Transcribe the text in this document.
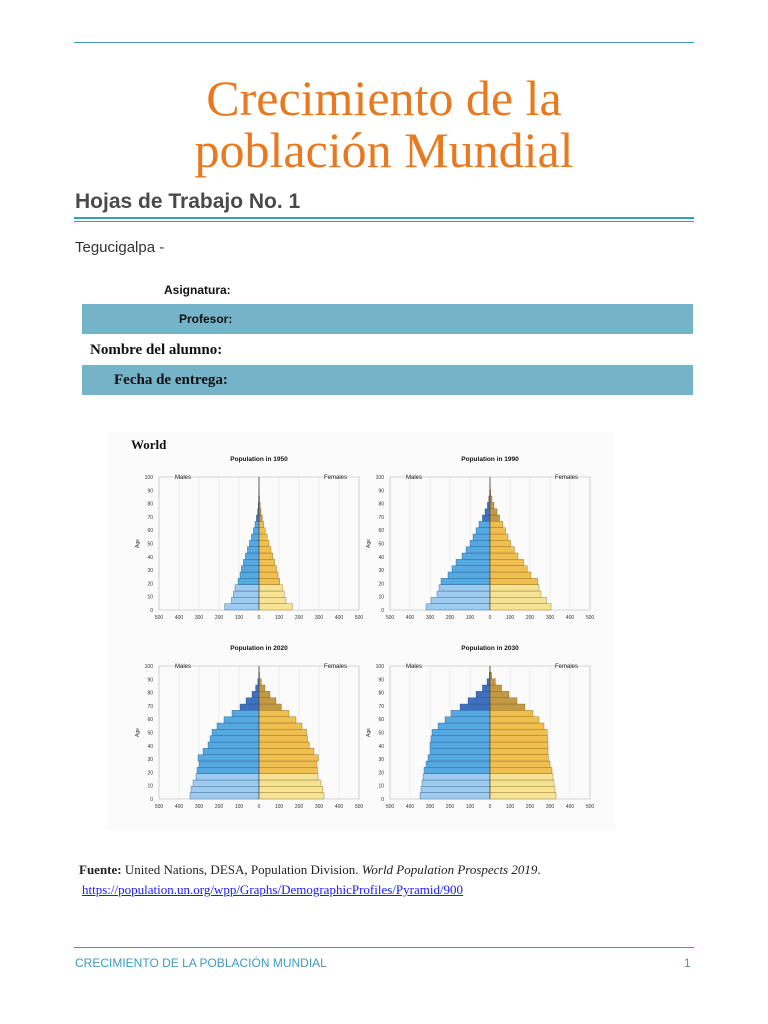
Crecimiento de la
población Mundial
Hojas de Trabajo No. 1
Tegucigalpa -
Asignatura:
Profesor:
Nombre del alumno:
Fecha de entrega:
World
Population in 1950
0
10
20
30
40
50
60
70
80
90
100
500 400 300 200 100	0	100 200 300 400 500
Age
Males	Females
Population in 1990
0
10
20
30
40
50
60
70
80
90
100
500 400 300 200 100	0	100 200 300 400 500
Age
Males	Females
Population in 2020
0
10
20
30
40
50
60
70
80
90
100
500 400 300 200 100	0	100 200 300 400 500
Age
Males	Females
Population in 2030
0
10
20
30
40
50
60
70
80
90
100
500 400 300 200 100	0	100 200 300 400 500
Age
Males	Females
Fuente: United Nations, DESA, Population Division. World Population Prospects 2019.
https://population.un.org/wpp/Graphs/DemographicProfiles/Pyramid/900
CRECIMIENTO DE LA POBLACIÓN MUNDIAL	1
